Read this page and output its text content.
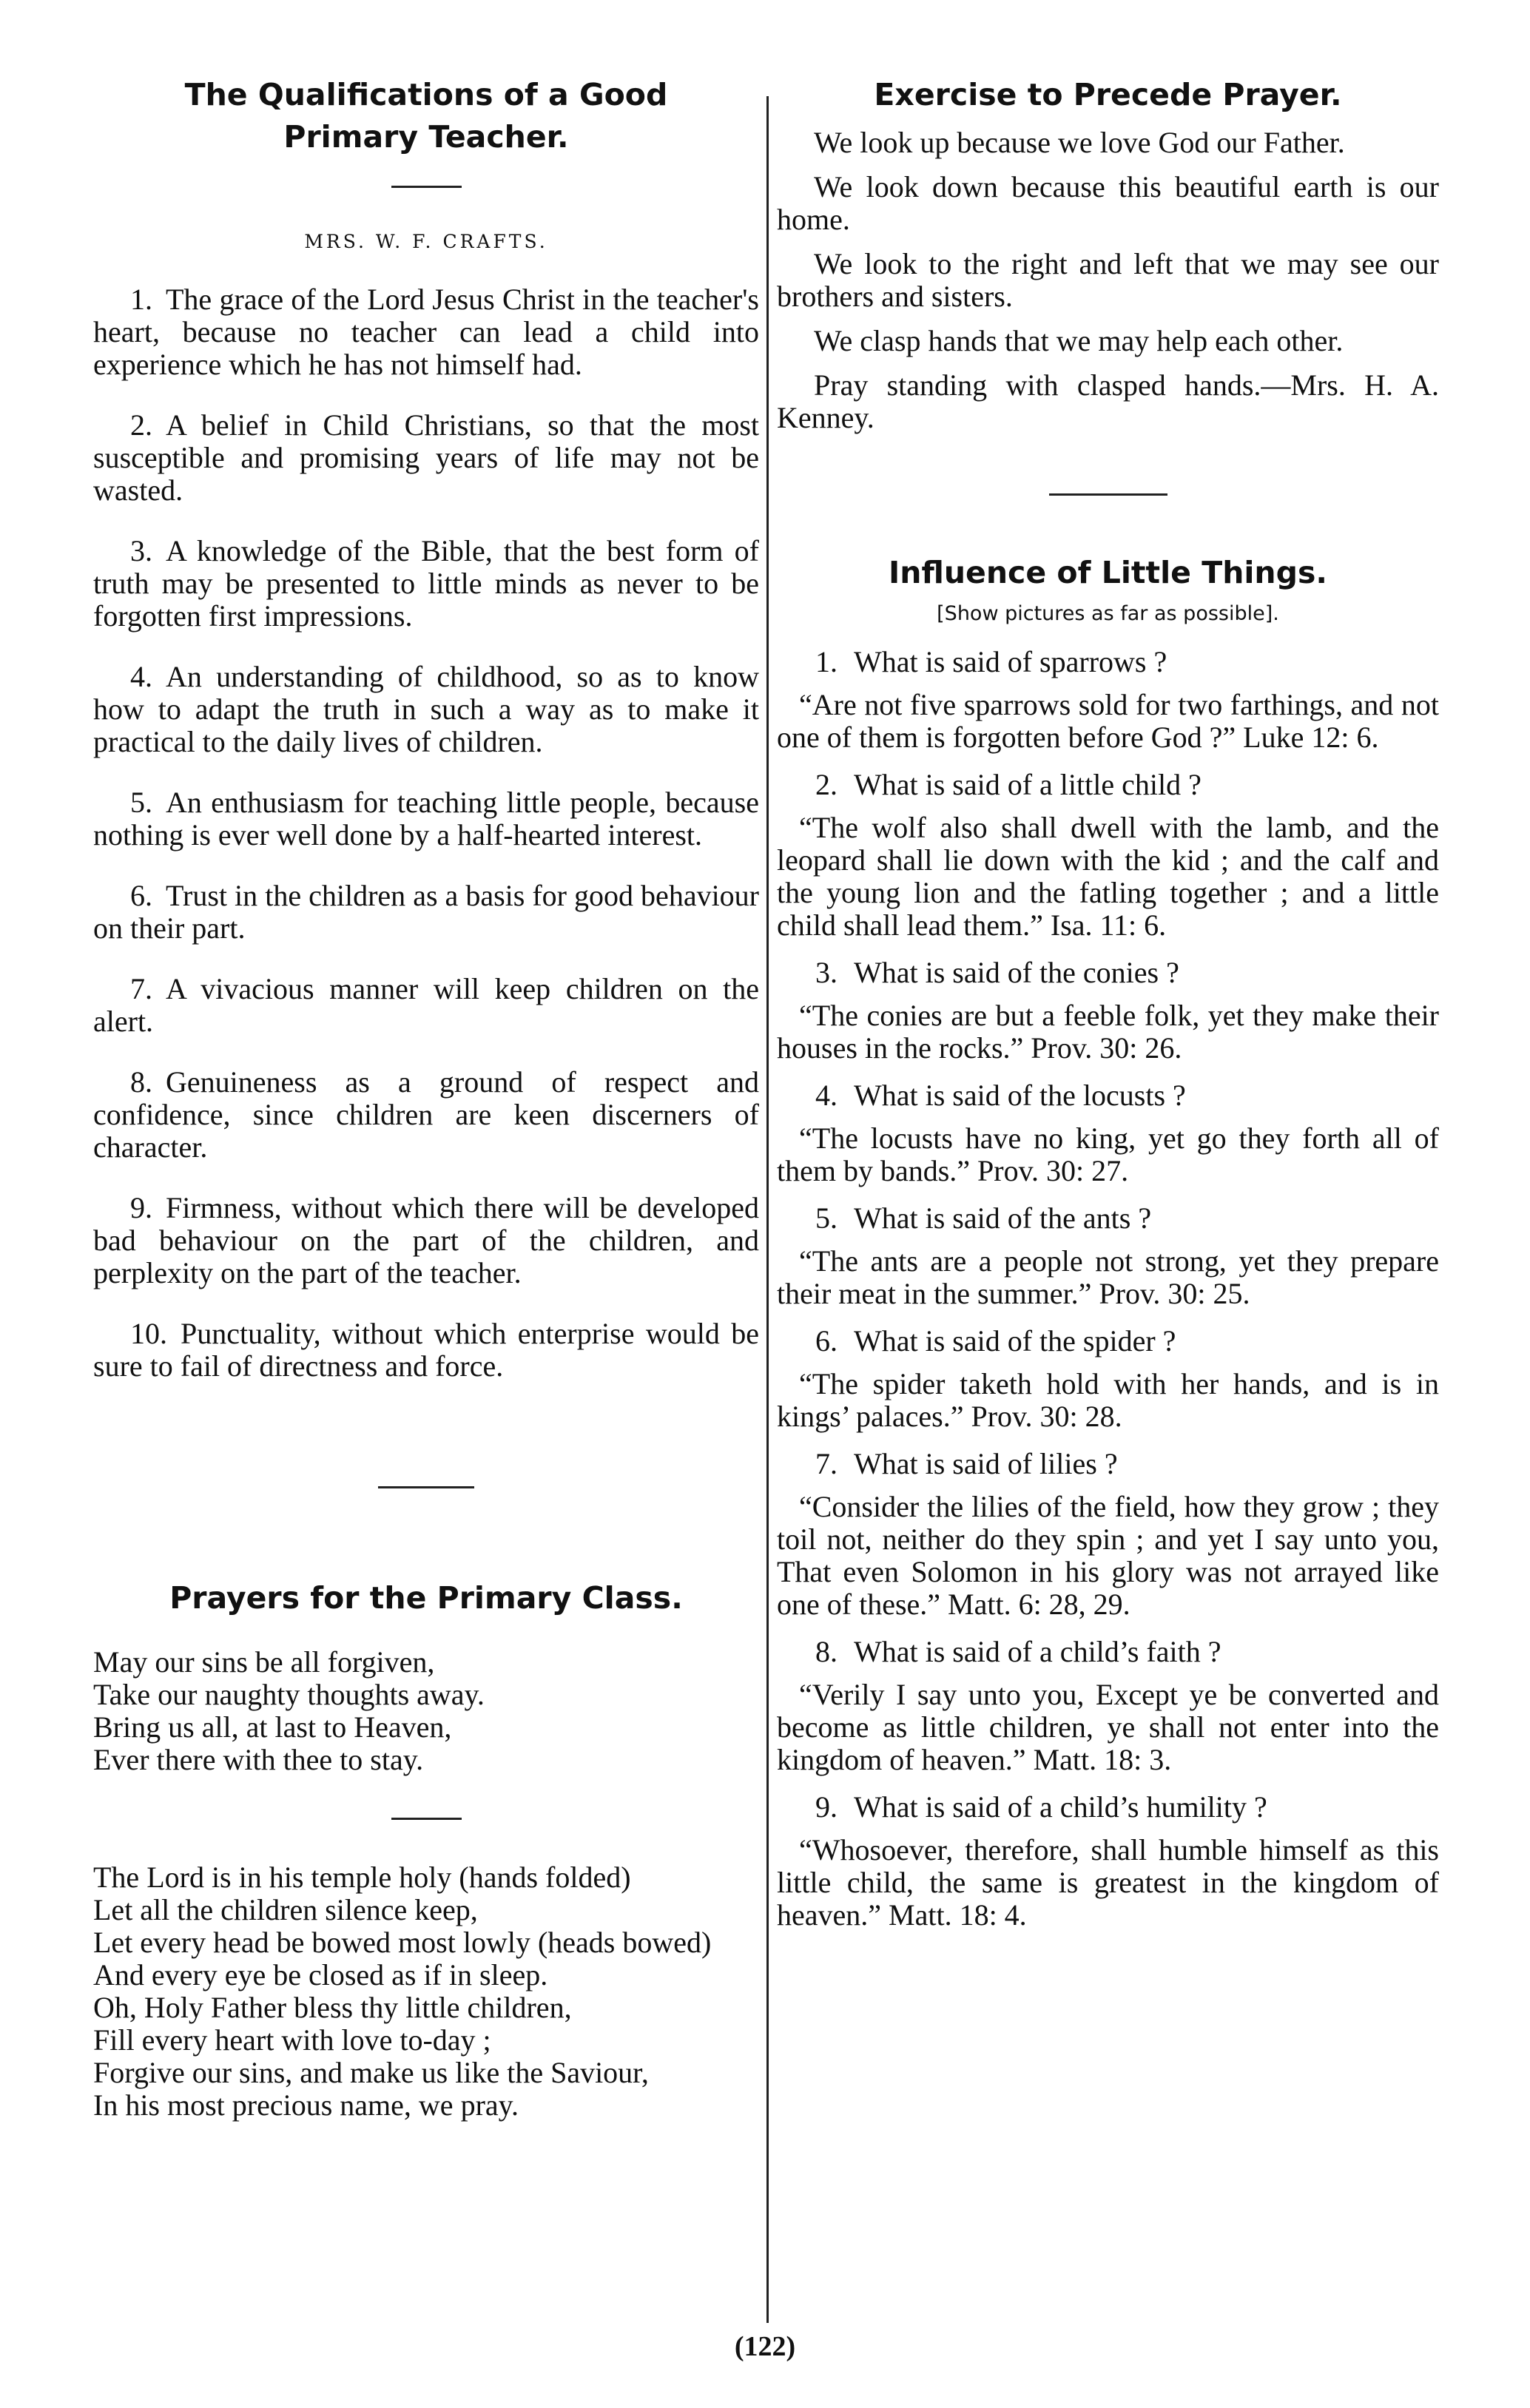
The Qualifications of a Good Primary Teacher.

MRS. W. F. CRAFTS.

1. The grace of the Lord Jesus Christ in the teacher's heart, because no teacher can lead a child into experience which he has not himself had.

2. A belief in Child Christians, so that the most susceptible and promising years of life may not be wasted.

3. A knowledge of the Bible, that the best form of truth may be presented to little minds as never to be forgotten first impressions.

4. An understanding of childhood, so as to know how to adapt the truth in such a way as to make it practical to the daily lives of children.

5. An enthusiasm for teaching little people, because nothing is ever well done by a half-hearted interest.

6. Trust in the children as a basis for good behaviour on their part.

7. A vivacious manner will keep children on the alert.

8. Genuineness as a ground of respect and confidence, since children are keen discerners of character.

9. Firmness, without which there will be developed bad behaviour on the part of the children, and perplexity on the part of the teacher.

10. Punctuality, without which enterprise would be sure to fail of directness and force.

Prayers for the Primary Class.
May our sins be all forgiven,
Take our naughty thoughts away.
Bring us all, at last to Heaven,
Ever there with thee to stay.
The Lord is in his temple holy (hands folded)
Let all the children silence keep,
Let every head be bowed most lowly (heads bowed)
And every eye be closed as if in sleep.
Oh, Holy Father bless thy little children,
Fill every heart with love to-day ;
Forgive our sins, and make us like the Saviour,
In his most precious name, we pray.
Exercise to Precede Prayer.

We look up because we love God our Father.

We look down because this beautiful earth is our home.

We look to the right and left that we may see our brothers and sisters.

We clasp hands that we may help each other.

Pray standing with clasped hands.—Mrs. H. A. Kenney.

Influence of Little Things.

[Show pictures as far as possible].

1. What is said of sparrows ?

“Are not five sparrows sold for two farthings, and not one of them is forgotten before God ?” Luke 12: 6.

2. What is said of a little child ?

“The wolf also shall dwell with the lamb, and the leopard shall lie down with the kid ; and the calf and the young lion and the fatling together ; and a little child shall lead them.” Isa. 11: 6.

3. What is said of the conies ?

“The conies are but a feeble folk, yet they make their houses in the rocks.” Prov. 30: 26.

4. What is said of the locusts ?

“The locusts have no king, yet go they forth all of them by bands.” Prov. 30: 27.

5. What is said of the ants ?

“The ants are a people not strong, yet they prepare their meat in the summer.” Prov. 30: 25.

6. What is said of the spider ?

“The spider taketh hold with her hands, and is in kings’ palaces.” Prov. 30: 28.

7. What is said of lilies ?

“Consider the lilies of the field, how they grow ; they toil not, neither do they spin ; and yet I say unto you, That even Solomon in his glory was not arrayed like one of these.” Matt. 6: 28, 29.

8. What is said of a child’s faith ?

“Verily I say unto you, Except ye be converted and become as little children, ye shall not enter into the kingdom of heaven.” Matt. 18: 3.

9. What is said of a child’s humility ?

“Whosoever, therefore, shall humble himself as this little child, the same is greatest in the kingdom of heaven.” Matt. 18: 4.

(122)
